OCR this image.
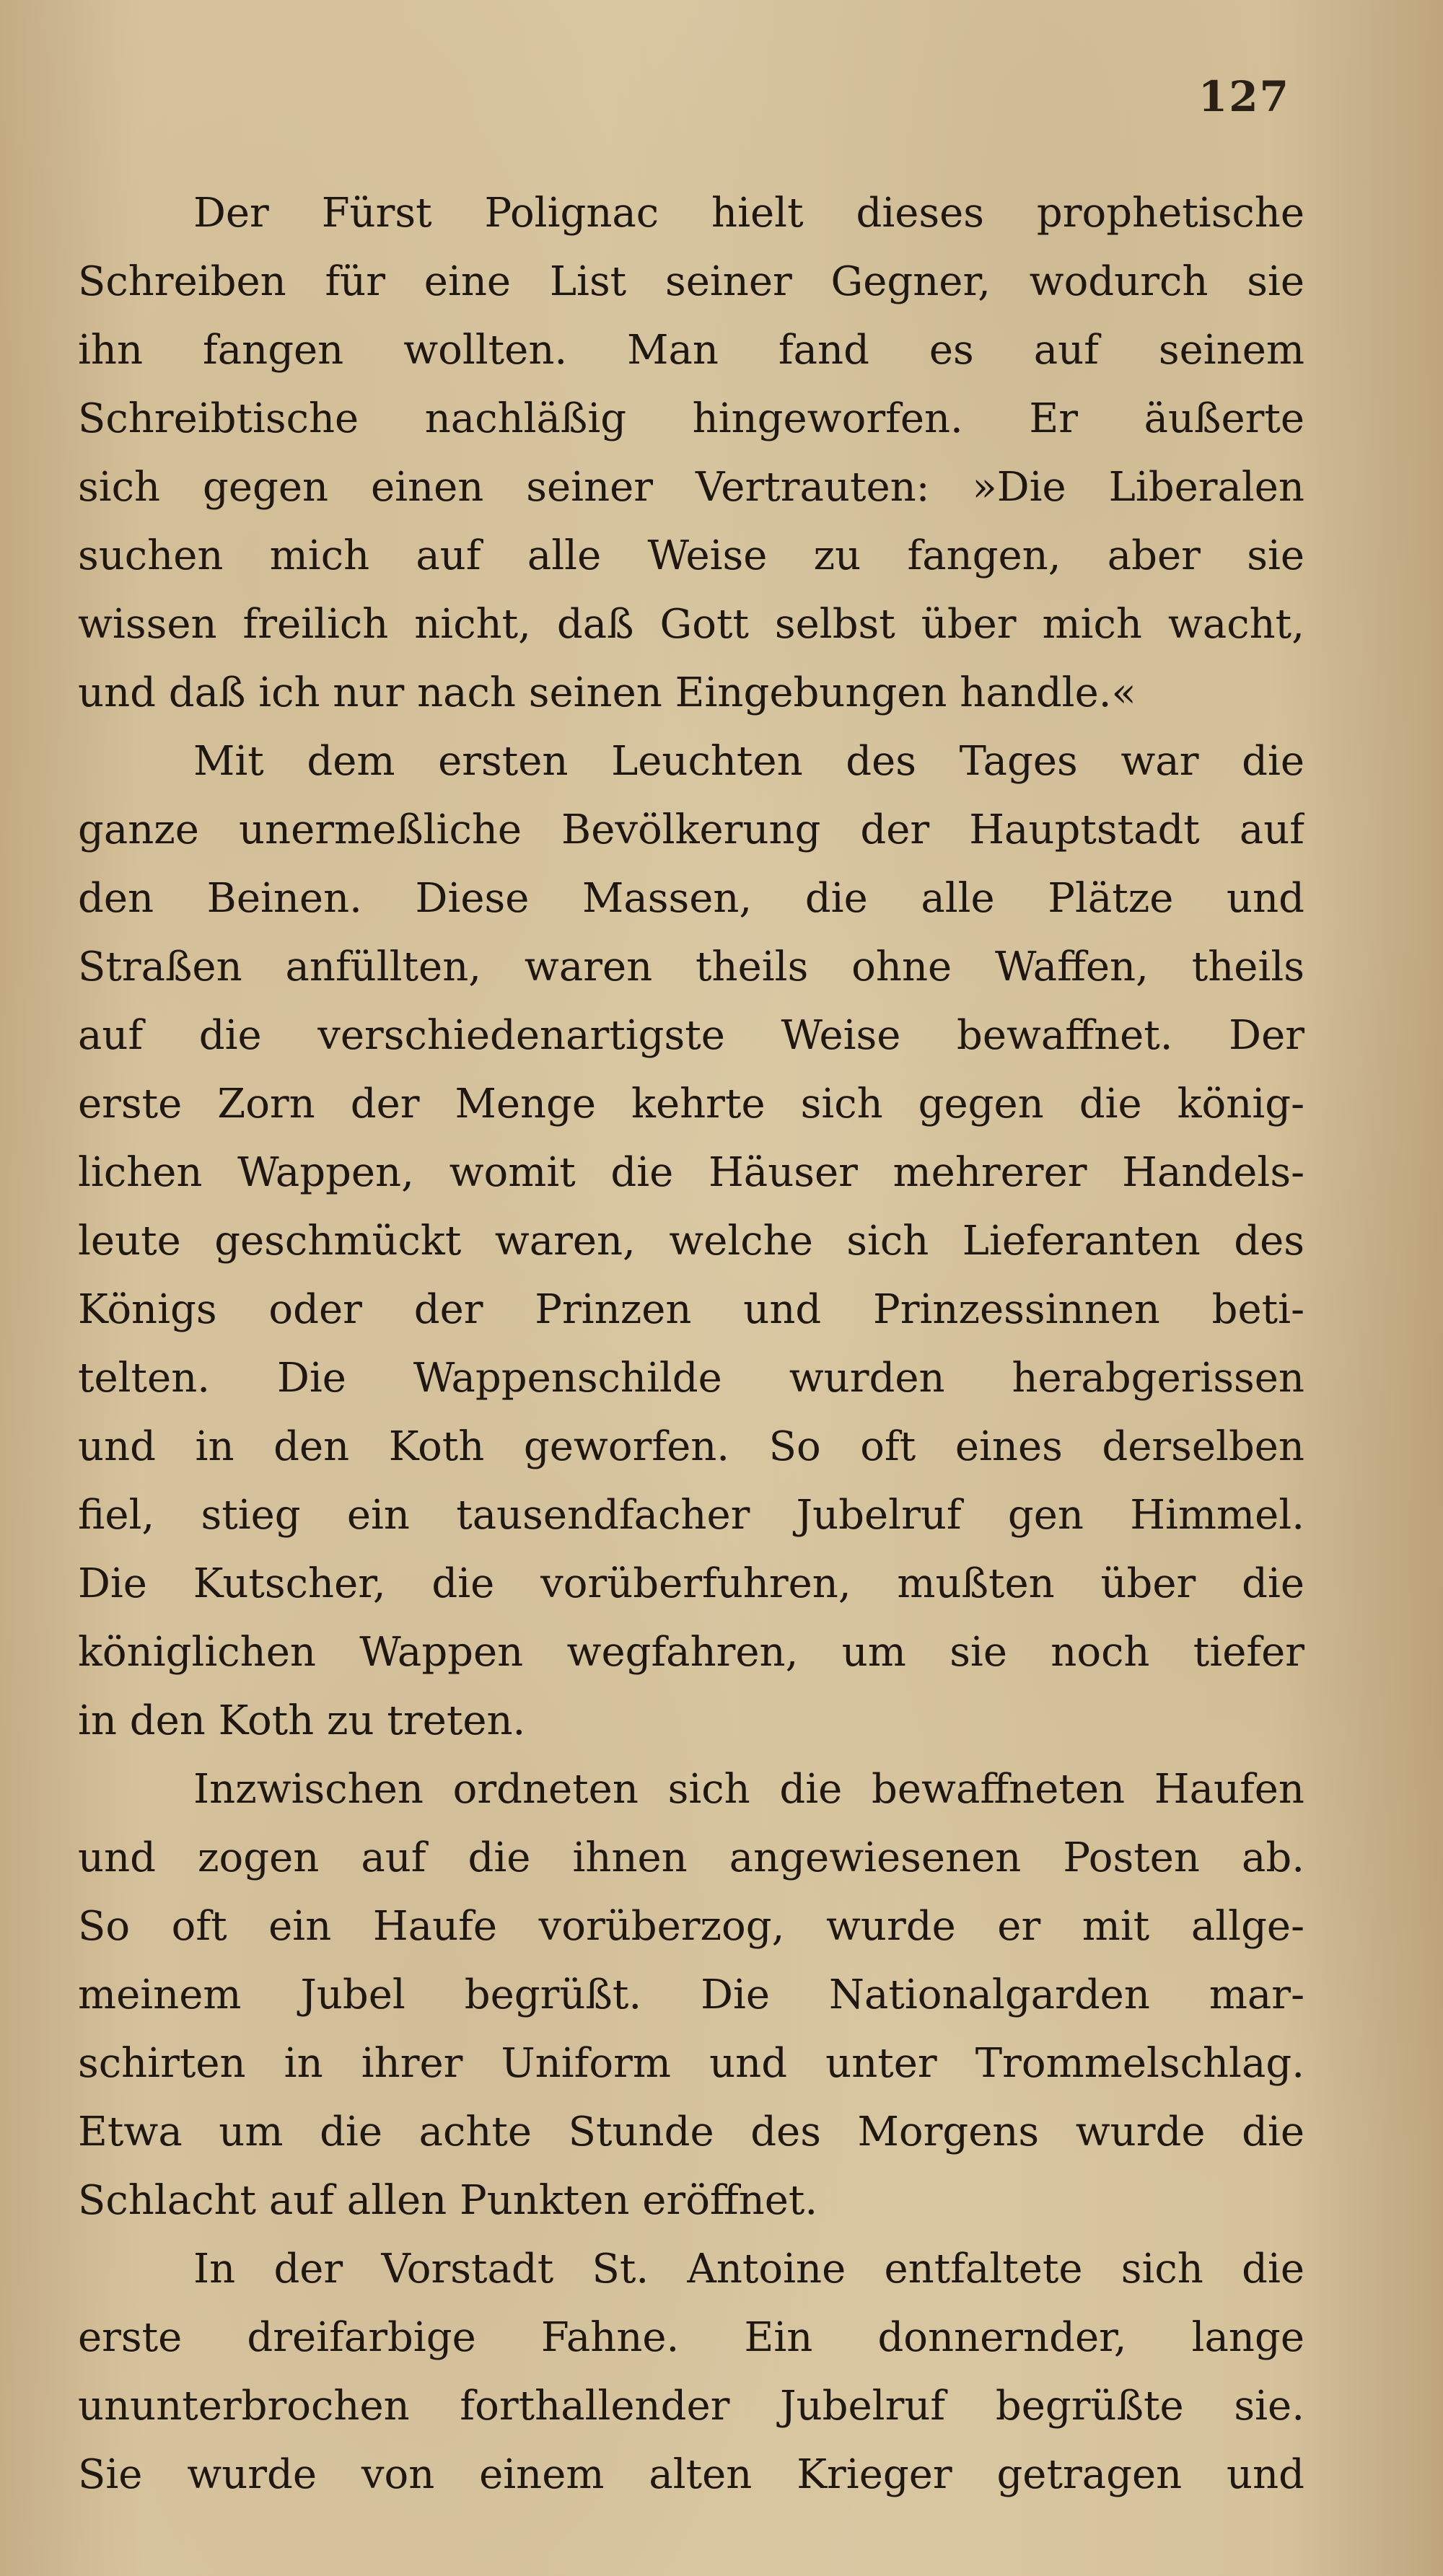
127
Der Fürst Polignac hielt dieses prophetische
Schreiben für eine List seiner Gegner, wodurch sie
ihn fangen wollten. Man fand es auf seinem
Schreibtische nachläßig hingeworfen. Er äußerte
sich gegen einen seiner Vertrauten: »Die Liberalen
suchen mich auf alle Weise zu fangen, aber sie
wissen freilich nicht, daß Gott selbst über mich wacht,
und daß ich nur nach seinen Eingebungen handle.«
Mit dem ersten Leuchten des Tages war die
ganze unermeßliche Bevölkerung der Hauptstadt auf
den Beinen. Diese Massen, die alle Plätze und
Straßen anfüllten, waren theils ohne Waffen, theils
auf die verschiedenartigste Weise bewaffnet. Der
erste Zorn der Menge kehrte sich gegen die könig-
lichen Wappen, womit die Häuser mehrerer Handels-
leute geschmückt waren, welche sich Lieferanten des
Königs oder der Prinzen und Prinzessinnen beti-
telten. Die Wappenschilde wurden herabgerissen
und in den Koth geworfen. So oft eines derselben
fiel, stieg ein tausendfacher Jubelruf gen Himmel.
Die Kutscher, die vorüberfuhren, mußten über die
königlichen Wappen wegfahren, um sie noch tiefer
in den Koth zu treten.
Inzwischen ordneten sich die bewaffneten Haufen
und zogen auf die ihnen angewiesenen Posten ab.
So oft ein Haufe vorüberzog, wurde er mit allge-
meinem Jubel begrüßt. Die Nationalgarden mar-
schirten in ihrer Uniform und unter Trommelschlag.
Etwa um die achte Stunde des Morgens wurde die
Schlacht auf allen Punkten eröffnet.
In der Vorstadt St. Antoine entfaltete sich die
erste dreifarbige Fahne. Ein donnernder, lange
ununterbrochen forthallender Jubelruf begrüßte sie.
Sie wurde von einem alten Krieger getragen und
